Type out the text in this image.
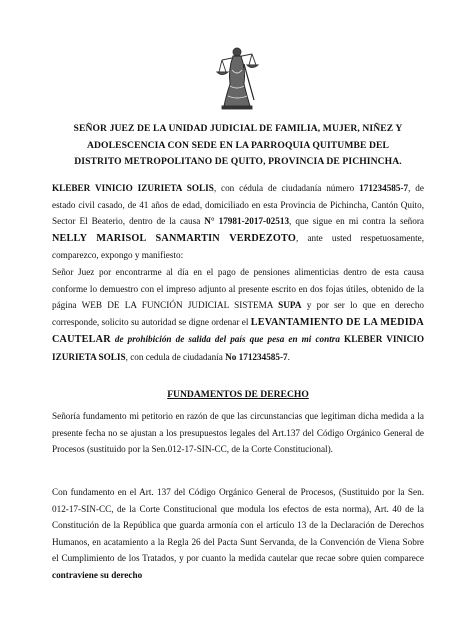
SEÑOR JUEZ DE LA UNIDAD JUDICIAL DE FAMILIA, MUJER, NIÑEZ Y
ADOLESCENCIA CON SEDE EN LA PARROQUIA QUITUMBE DEL
DISTRITO METROPOLITANO DE QUITO, PROVINCIA DE PICHINCHA.
KLEBER VINICIO IZURIETA SOLIS, con cédula de ciudadanía número 171234585-7, de estado civil casado, de 41 años de edad, domiciliado en esta Provincia de Pichincha, Cantón Quito, Sector El Beaterio, dentro de la causa N° 17981-2017-02513, que sigue en mi contra la señora NELLY MARISOL SANMARTIN VERDEZOTO, ante usted respetuosamente, comparezco, expongo y manifiesto:
Señor Juez por encontrarme al día en el pago de pensiones alimenticias dentro de esta causa conforme lo demuestro con el impreso adjunto al presente escrito en dos fojas útiles, obtenido de la página WEB DE LA FUNCIÓN JUDICIAL SISTEMA SUPA y por ser lo que en derecho corresponde, solicito su autoridad se digne ordenar el LEVANTAMIENTO DE LA MEDIDA CAUTELAR de prohibición de salida del país que pesa en mi contra KLEBER VINICIO IZURIETA SOLIS, con cedula de ciudadanía No 171234585-7.
FUNDAMENTOS DE DERECHO
Señoría fundamento mi petitorio en razón de que las circunstancias que legitiman dicha medida a la presente fecha no se ajustan a los presupuestos legales del Art.137 del Código Orgánico General de Procesos (sustituido por la Sen.012-17-SIN-CC, de la Corte Constitucional).
Con fundamento en el Art. 137 del Código Orgánico General de Procesos, (Sustituido por la Sen. 012-17-SIN-CC, de la Corte Constitucional que modula los efectos de esta norma), Art. 40 de la Constitución de la República que guarda armonía con el artículo 13 de la Declaración de Derechos Humanos, en acatamiento a la Regla 26 del Pacta Sunt Servanda, de la Convención de Viena Sobre el Cumplimiento de los Tratados, y por cuanto la medida cautelar que recae sobre quien comparece contraviene su derecho
